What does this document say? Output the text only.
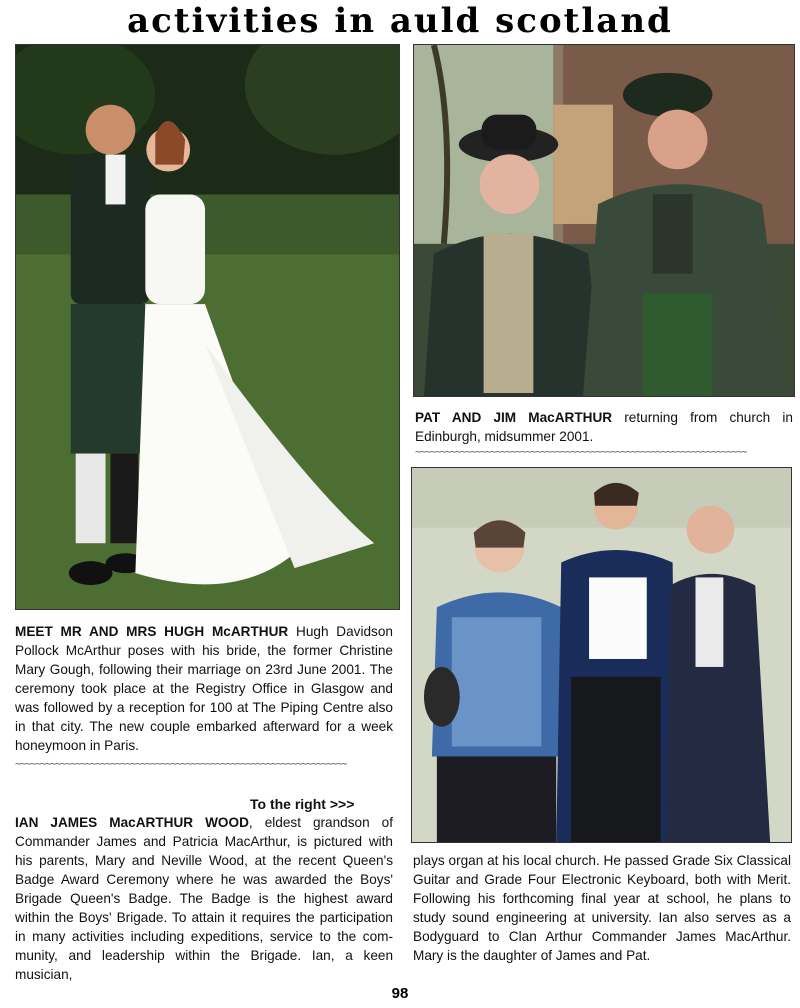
activities in auld scotland
PAT AND JIM MacARTHUR returning from church in Edinburgh, midsummer 2001.
~~~~~~~~~~~~~~~~~~~~~~~~~~~~~~~~~~~~~~~~~~~~~~~~~~~~~~~~~~~~~~~~~~
MEET MR AND MRS HUGH McARTHUR Hugh Davidson Pollock McArthur poses with his bride, the former Christine Mary Gough, following their marriage on 23rd June 2001. The ceremony took place at the Registry Office in Glasgow and was followed by a reception for 100 at The Piping Centre also in that city. The new couple embarked afterward for a week honeymoon in Paris.
~~~~~~~~~~~~~~~~~~~~~~~~~~~~~~~~~~~~~~~~~~~~~~~~~~~~~~~~~~~~~~~~~~
To the right >>>
IAN JAMES MacARTHUR WOOD, eldest grandson of Commander James and Patricia MacArthur, is pictured with his parents, Mary and Neville Wood, at the recent Queen's Badge Award Ceremony where he was awarded the Boys' Brigade Queen's Badge. The Badge is the highest award within the Boys' Brigade. To attain it requires the participation in many activities including expeditions, service to the com-munity, and leadership within the Brigade. Ian, a keen musician,
plays organ at his local church. He passed Grade Six Classical Guitar and Grade Four Electronic Keyboard, both with Merit. Following his forthcoming final year at school, he plans to study sound engineering at university. Ian also serves as a Bodyguard to Clan Arthur Commander James MacArthur. Mary is the daughter of James and Pat.
98
